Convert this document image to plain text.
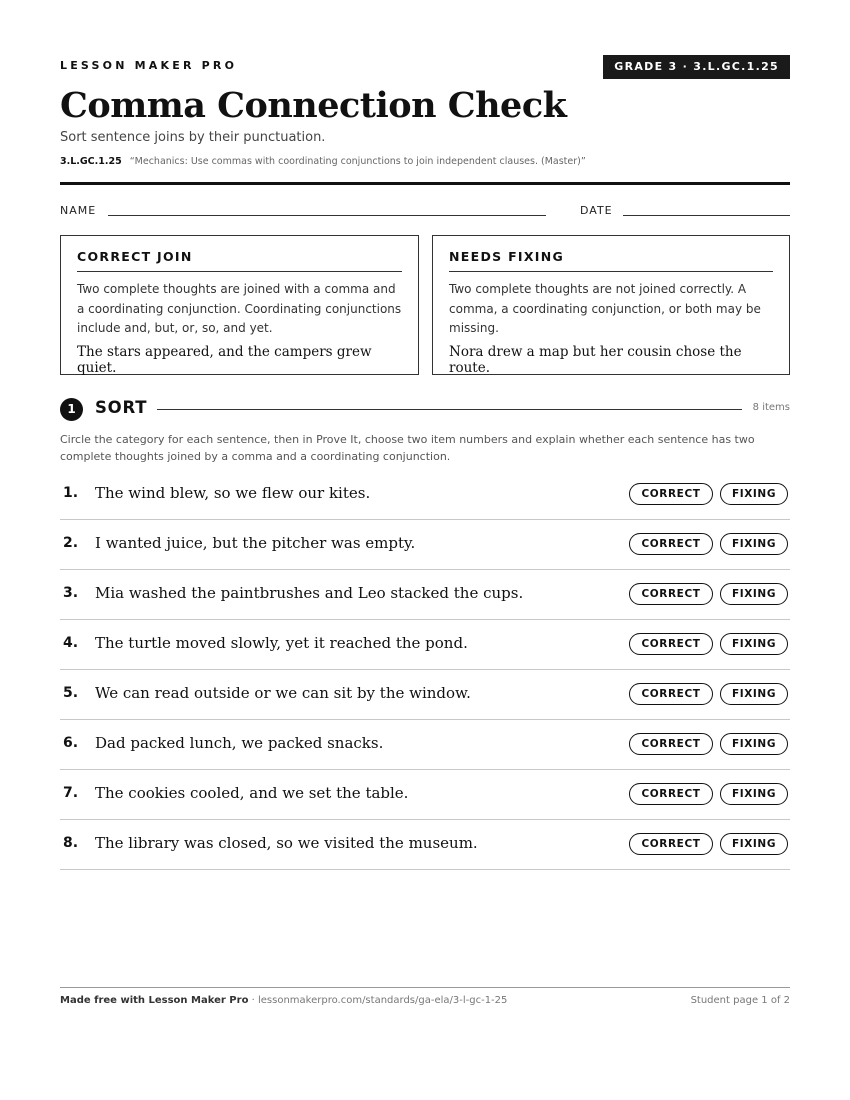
LESSON MAKER PRO	GRADE 3 · 3.L.GC.1.25
Comma Connection Check
Sort sentence joins by their punctuation.
3.L.GC.1.25 “Mechanics: Use commas with coordinating conjunctions to join independent clauses. (Master)”
NAME	DATE
CORRECT JOIN
Two complete thoughts are joined with a comma and a coordinating conjunction. Coordinating conjunctions include and, but, or, so, and yet.
The stars appeared, and the campers grew quiet.
NEEDS FIXING
Two complete thoughts are not joined correctly. A comma, a coordinating conjunction, or both may be missing.
Nora drew a map but her cousin chose the route.
1	SORT	8 items
Circle the category for each sentence, then in Prove It, choose two item numbers and explain whether each sentence has two complete thoughts joined by a comma and a coordinating conjunction.
1. The wind blew, so we flew our kites.	CORRECT	FIXING
2. I wanted juice, but the pitcher was empty.	CORRECT	FIXING
3. Mia washed the paintbrushes and Leo stacked the cups.	CORRECT	FIXING
4. The turtle moved slowly, yet it reached the pond.	CORRECT	FIXING
5. We can read outside or we can sit by the window.	CORRECT	FIXING
6. Dad packed lunch, we packed snacks.	CORRECT	FIXING
7. The cookies cooled, and we set the table.	CORRECT	FIXING
8. The library was closed, so we visited the museum.	CORRECT	FIXING
Made free with Lesson Maker Pro · lessonmakerpro.com/standards/ga-ela/3-l-gc-1-25	Student page 1 of 2
